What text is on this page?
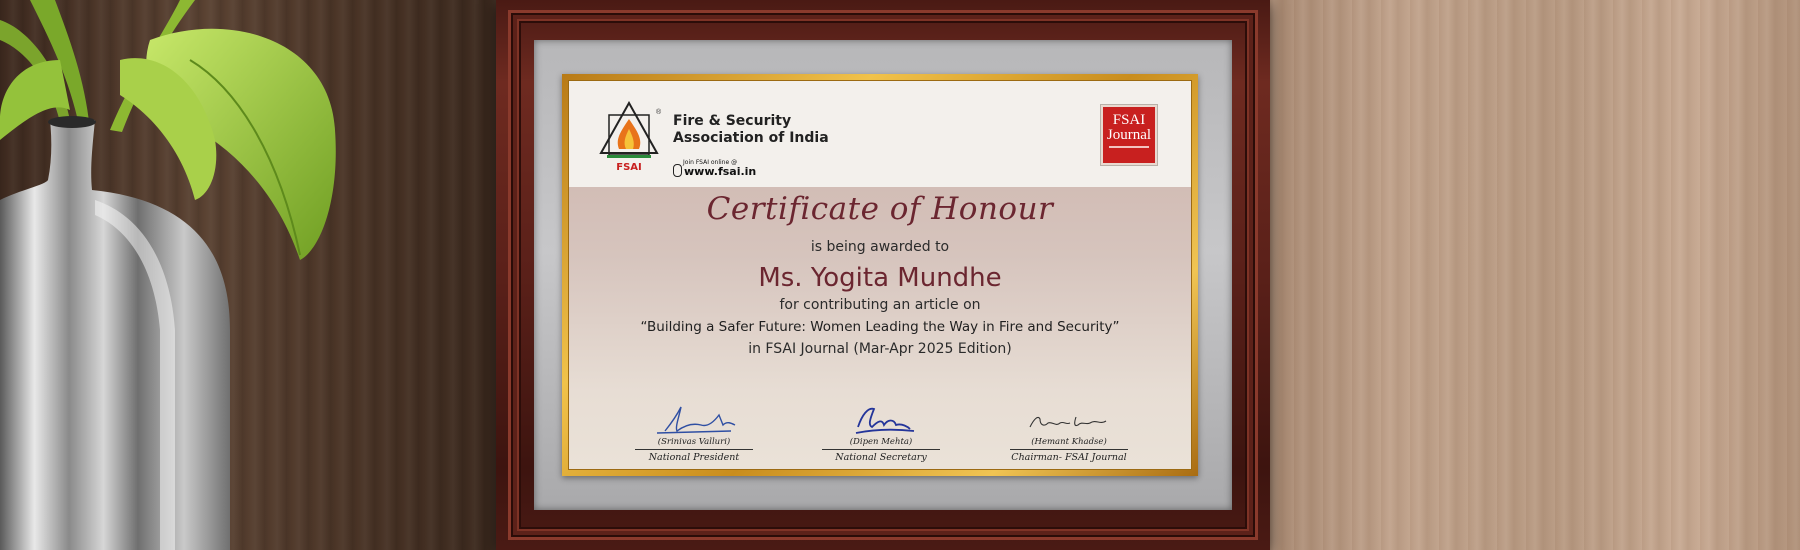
FSAI
®
Fire & Security
Association of India
Join FSAI online @
www.fsai.in
FSAI
Journal
Certificate of Honour
is being awarded to
Ms. Yogita Mundhe
for contributing an article on
“Building a Safer Future: Women Leading the Way in Fire and Security”
in FSAI Journal (Mar-Apr 2025 Edition)
(Srinivas Valluri)
National President
(Dipen Mehta)
National Secretary
(Hemant Khadse)
Chairman- FSAI Journal
